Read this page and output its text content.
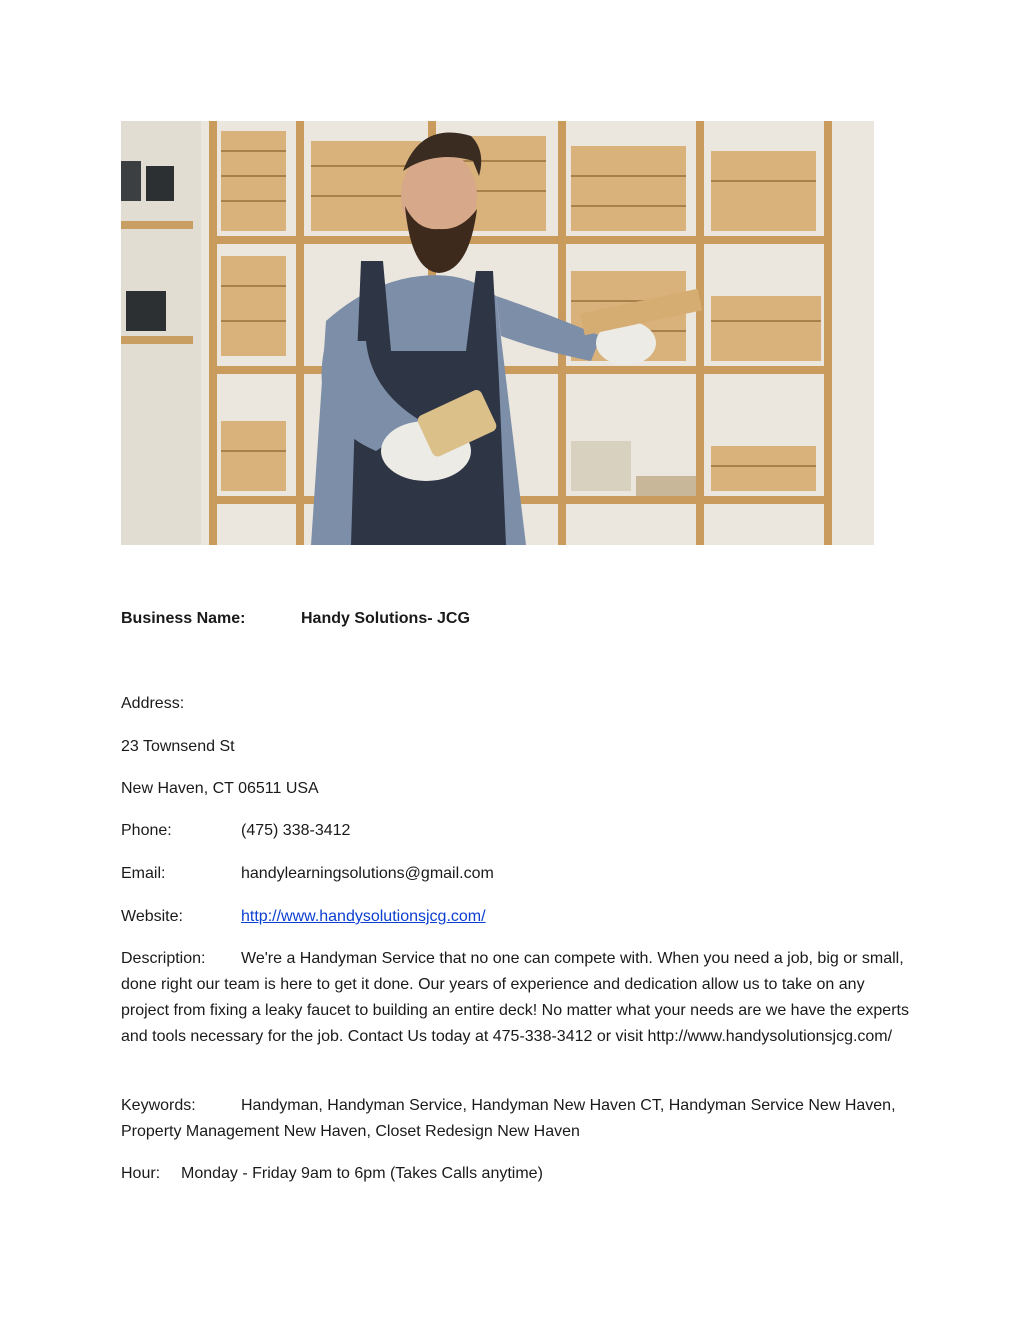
Business Name:	Handy Solutions- JCG
Address:
23 Townsend St
New Haven, CT 06511 USA
Phone:	(475) 338-3412
Email:	handylearningsolutions@gmail.com
Website:	http://www.handysolutionsjcg.com/
Description: We're a Handyman Service that no one can compete with. When you need a job, big or small, done right our team is here to get it done. Our years of experience and dedication allow us to take on any project from fixing a leaky faucet to building an entire deck! No matter what your needs are we have the experts and tools necessary for the job. Contact Us today at 475-338-3412 or visit http://www.handysolutionsjcg.com/
Keywords:	Handyman, Handyman Service, Handyman New Haven CT, Handyman Service New Haven, Property Management New Haven, Closet Redesign New Haven
Hour: Monday - Friday 9am to 6pm (Takes Calls anytime)
